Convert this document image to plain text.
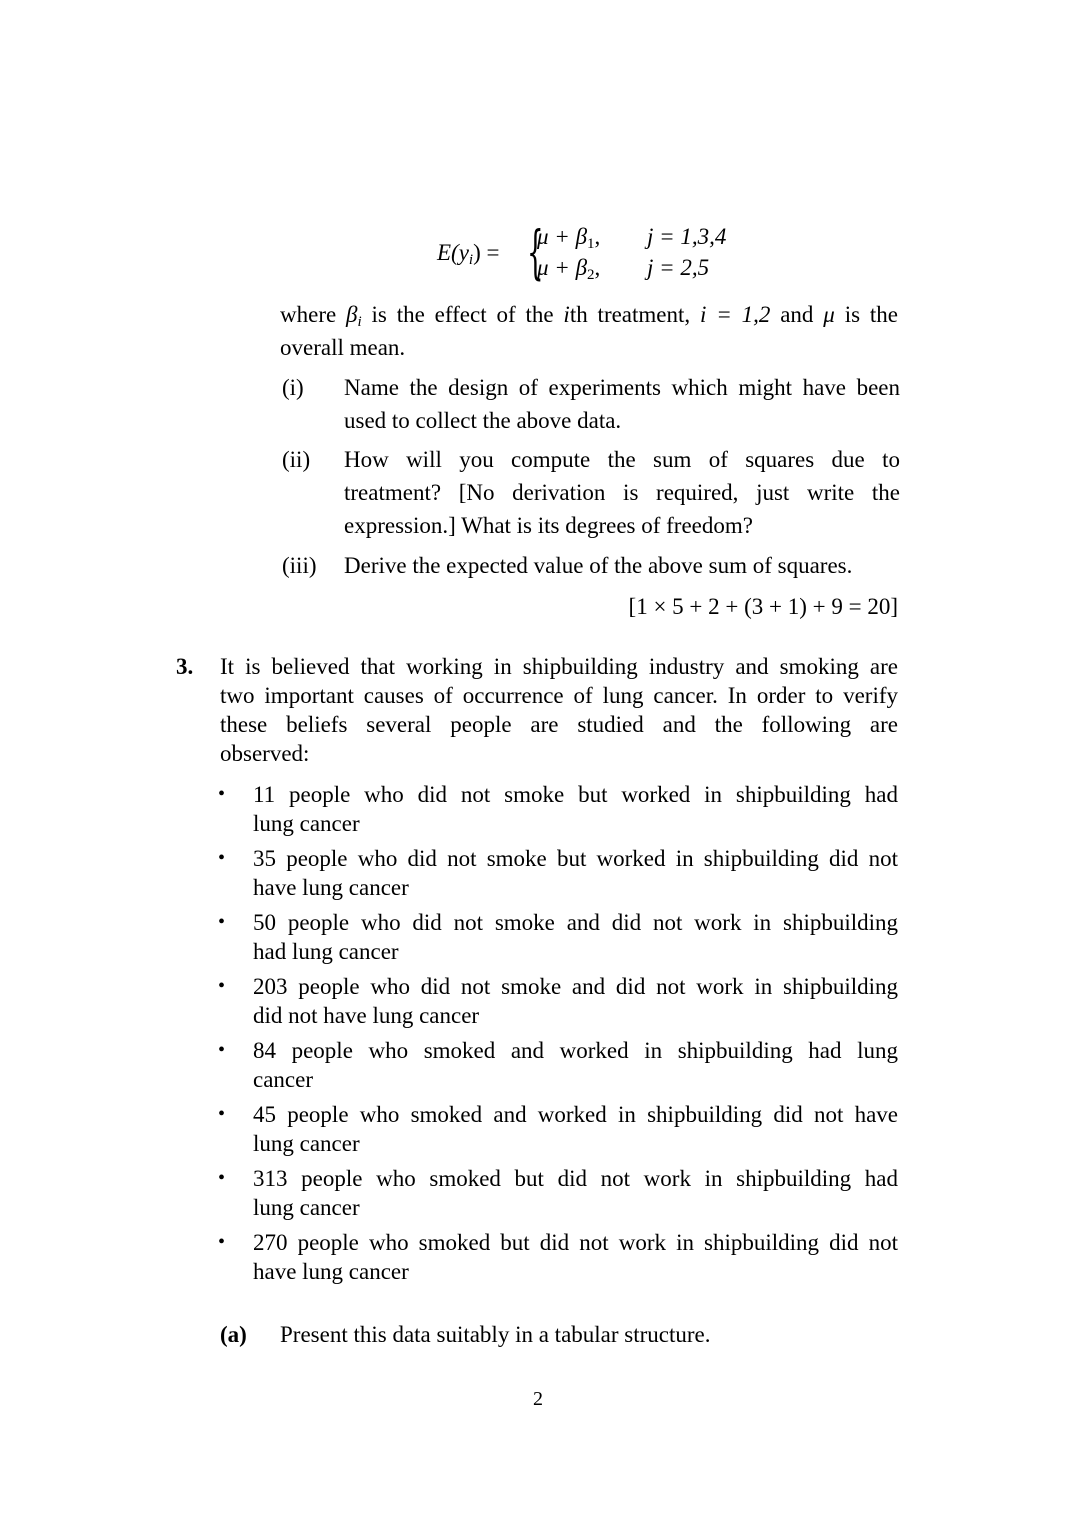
$E(y_i)$ = {
$\mu + \beta_1$, j = 1,3,4
$\mu + \beta_2$, j = 2,5
where $\beta_i$ is the effect of the ith treatment, i = 1,2 and μ is the
overall mean.
(i) Name the design of experiments which might have been
used to collect the above data.
(ii) How will you compute the sum of squares due to
treatment? [No derivation is required, just write the
expression.] What is its degrees of freedom?
(iii) Derive the expected value of the above sum of squares.
[1 × 5 + 2 + (3 + 1) + 9 = 20]
3. It is believed that working in shipbuilding industry and smoking are
two important causes of occurrence of lung cancer. In order to verify
these beliefs several people are studied and the following are
observed:
• 11 people who did not smoke but worked in shipbuilding had
lung cancer
• 35 people who did not smoke but worked in shipbuilding did not
have lung cancer
• 50 people who did not smoke and did not work in shipbuilding
had lung cancer
• 203 people who did not smoke and did not work in shipbuilding
did not have lung cancer
• 84 people who smoked and worked in shipbuilding had lung
cancer
• 45 people who smoked and worked in shipbuilding did not have
lung cancer
• 313 people who smoked but did not work in shipbuilding had
lung cancer
• 270 people who smoked but did not work in shipbuilding did not
have lung cancer
(a) Present this data suitably in a tabular structure.
2
